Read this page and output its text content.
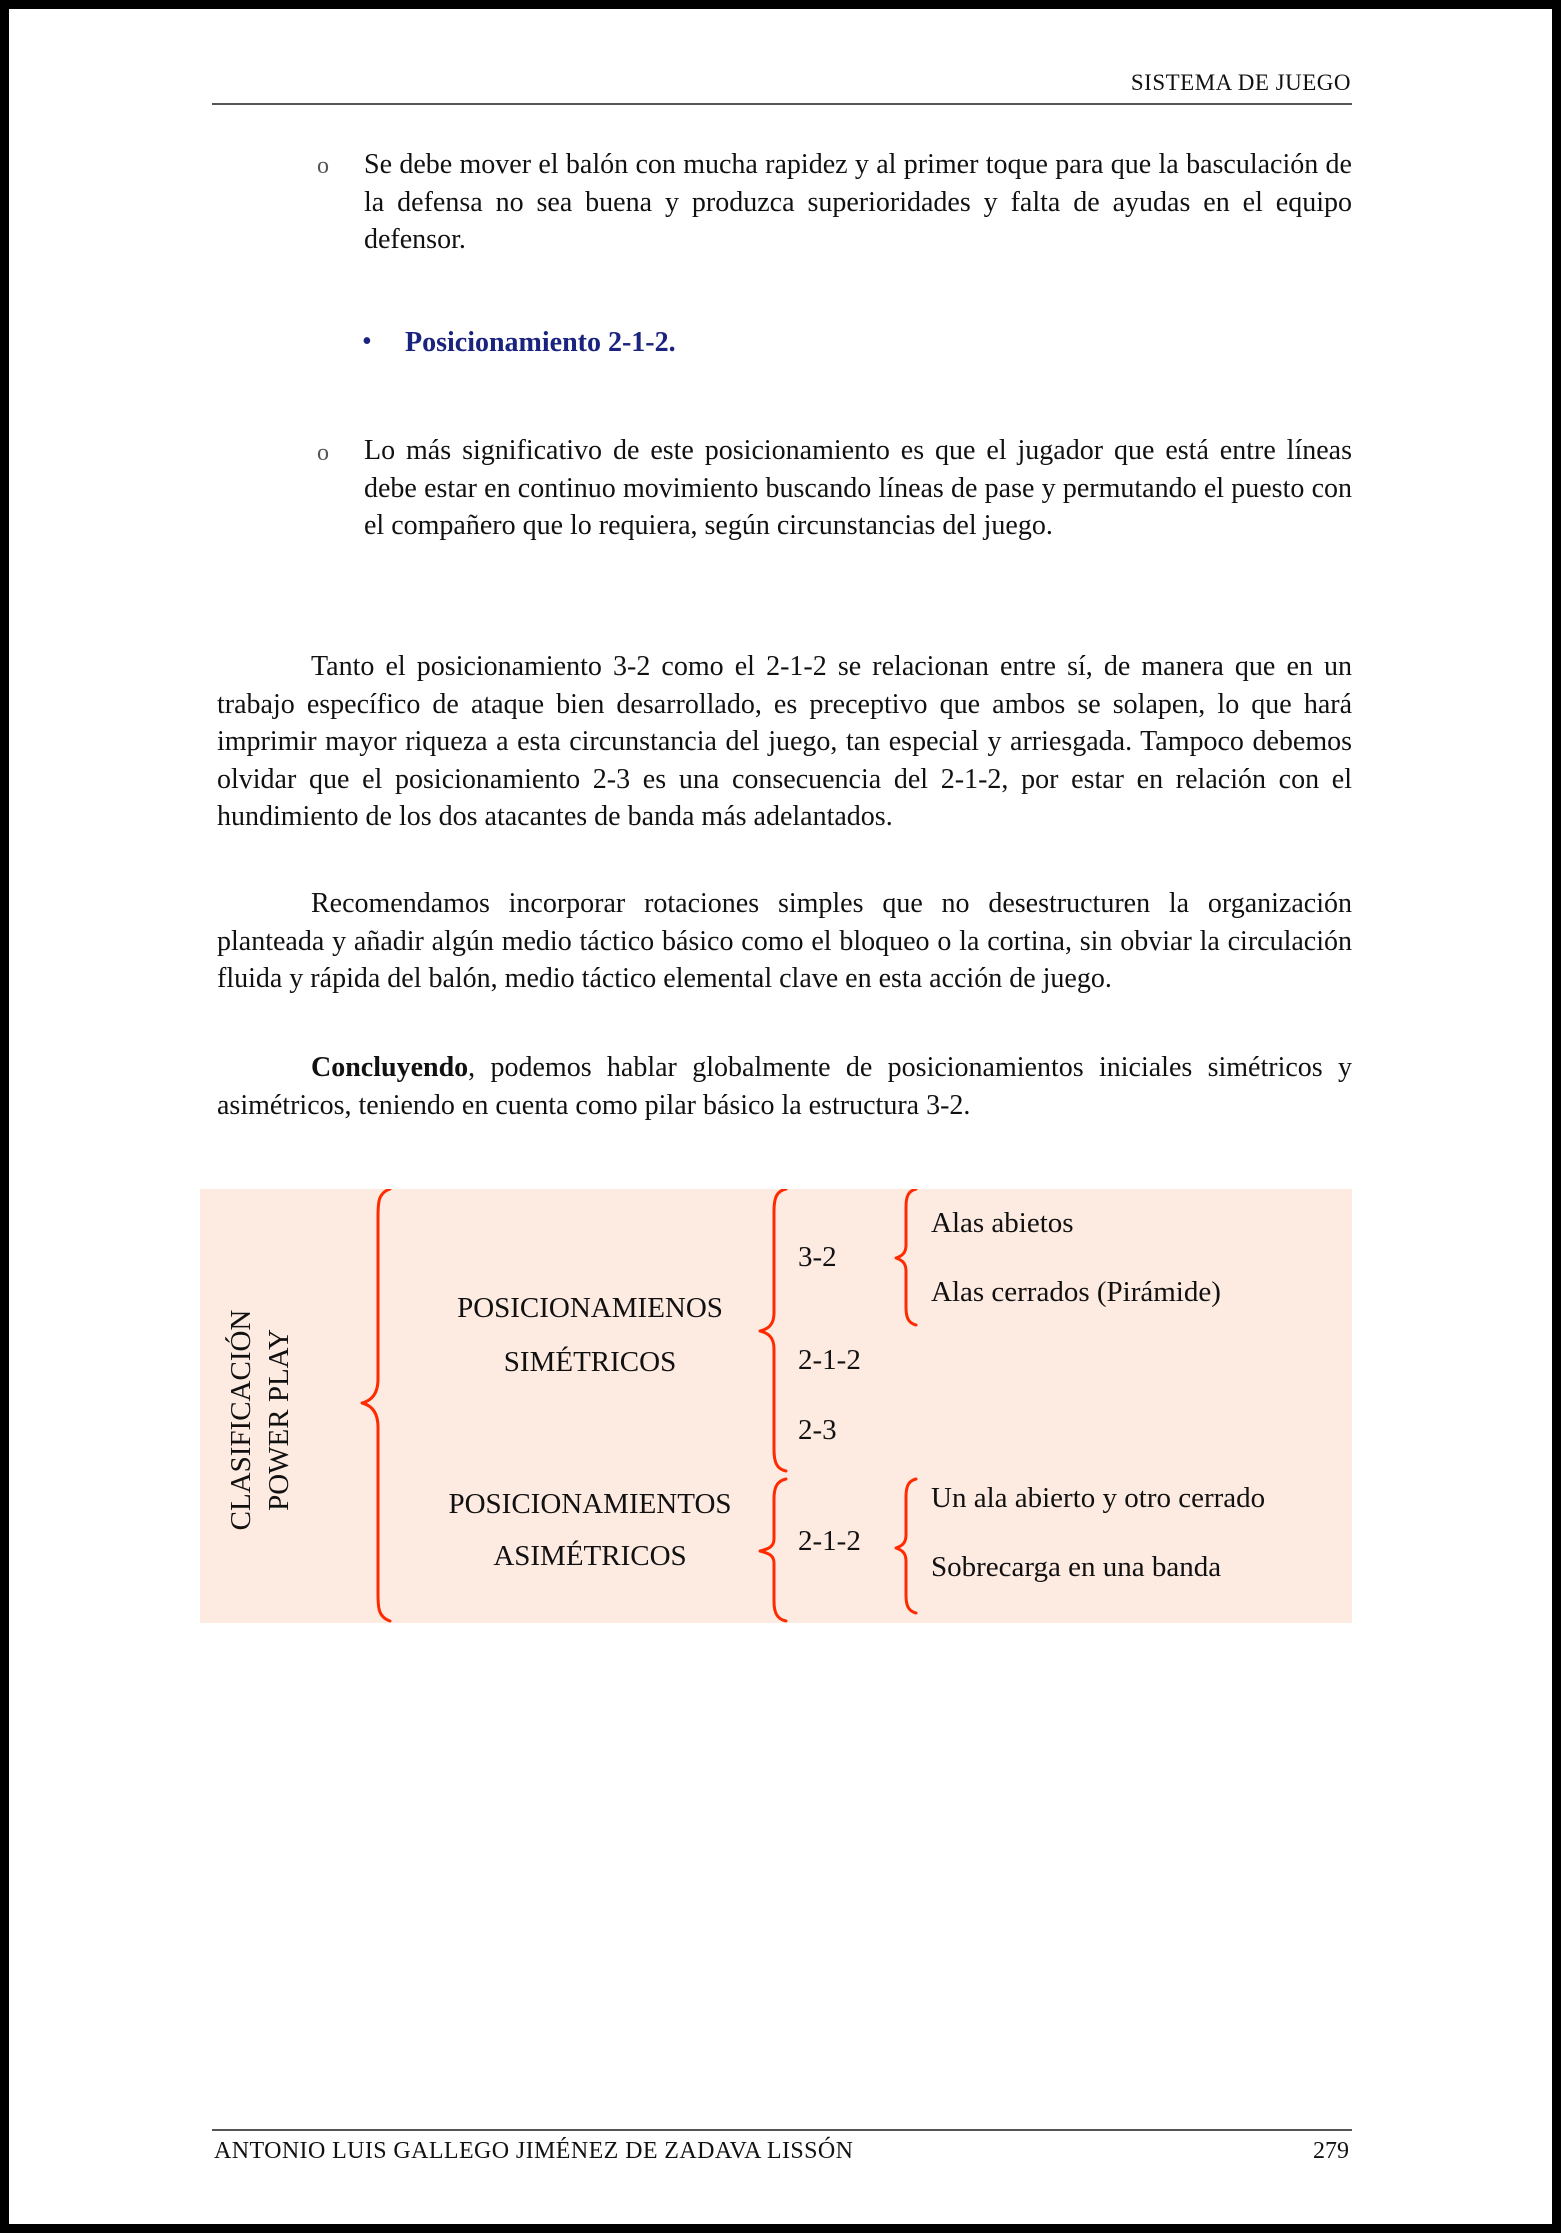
SISTEMA DE JUEGO
o Se debe mover el balón con mucha rapidez y al primer toque para que la basculación de la defensa no sea buena y produzca superioridades y falta de ayudas en el equipo defensor.
• Posicionamiento 2-1-2.
o Lo más significativo de este posicionamiento es que el jugador que está entre líneas debe estar en continuo movimiento buscando líneas de pase y permutando el puesto con el compañero que lo requiera, según circunstancias del juego.
Tanto el posicionamiento 3-2 como el 2-1-2 se relacionan entre sí, de manera que en un trabajo específico de ataque bien desarrollado, es preceptivo que ambos se solapen, lo que hará imprimir mayor riqueza a esta circunstancia del juego, tan especial y arriesgada. Tampoco debemos olvidar que el posicionamiento 2-3 es una consecuencia del 2-1-2, por estar en relación con el hundimiento de los dos atacantes de banda más adelantados.
Recomendamos incorporar rotaciones simples que no desestructuren la organización planteada y añadir algún medio táctico básico como el bloqueo o la cortina, sin obviar la circulación fluida y rápida del balón, medio táctico elemental clave en esta acción de juego.
Concluyendo, podemos hablar globalmente de posicionamientos iniciales simétricos y asimétricos, teniendo en cuenta como pilar básico la estructura 3-2.
CLASIFICACIÓN POWER PLAY
POSICIONAMIENOS
SIMÉTRICOS
POSICIONAMIENTOS
ASIMÉTRICOS
3-2
2-1-2
2-3
2-1-2
Alas abietos
Alas cerrados (Pirámide)
Un ala abierto y otro cerrado
Sobrecarga en una banda
ANTONIO LUIS GALLEGO JIMÉNEZ DE ZADAVA LISSÓN	279
